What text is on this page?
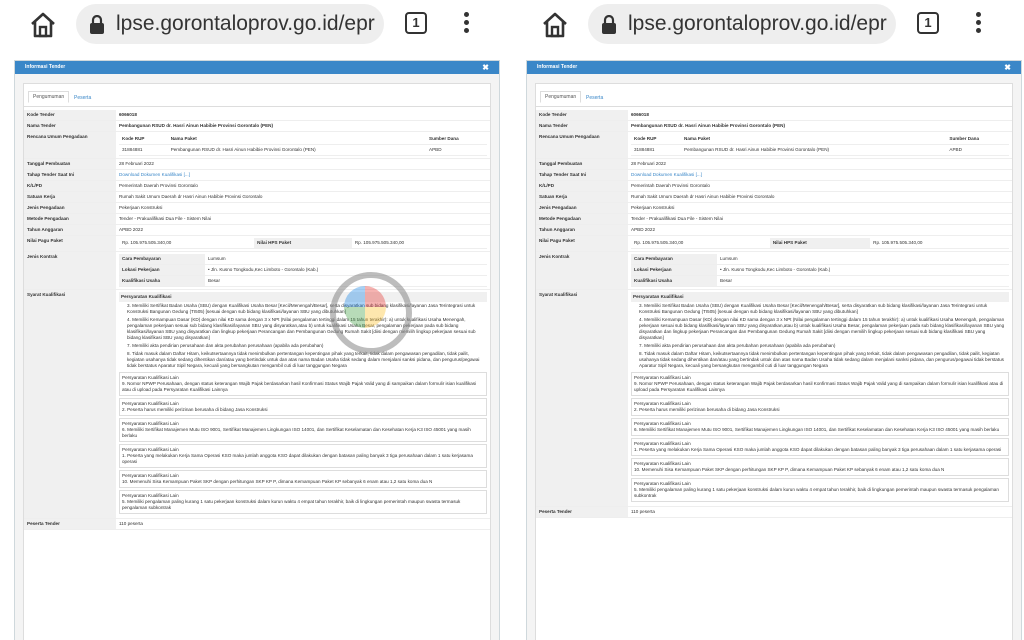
lpse.gorontaloprov.go.id/epr	1
Informasi Tender	✖
Pengumuman	Peserta
Kode Tender	6066018
Nama Tender	Pembangunan RSUD dr. Hasri Ainun Habibie Provinsi Gorontalo (PEN)
Rencana Umum Pengadaan		Kode RUP	Nama Paket	Sumber Dana
31884881	Pembangunan RSUD dr. Hasri Ainun Habibie Provinsi Gorontalo (PEN)	APBD

Tanggal Pembuatan	28 Februari 2022
Tahap Tender Saat Ini	Download Dokumen Kualifikasi [...]
K/L/PD	Pemerintah Daerah Provinsi Gorontalo
Satuan Kerja	Rumah Sakit Umum Daerah dr Hasri Ainun Habibie Provinsi Gorontalo
Jenis Pengadaan	Pekerjaan Konstruksi
Metode Pengadaan	Tender - Prakualifikasi Dua File - Sistem Nilai
Tahun Anggaran	APBD 2022
Nilai Pagu Paket		Rp. 105.975.505.340,00	Nilai HPS Paket	Rp. 105.975.505.340,00

Jenis Kontrak		Cara Pembayaran	Lumsum
Lokasi Pekerjaan	• Jln. Kusno Tongkodu,Kec Limboto - Gorontalo (Kab.)
Kualifikasi Usaha	Besar

Syarat Kualifikasi	Persyaratan Kualifikasi
3. Memiliki Sertifikat Badan Usaha (SBU) dengan Kualifikasi Usaha Besar [Kecil/Menengah/Besar], serta disyaratkan sub bidang klasifikasi/layanan Jasa Terintegrasi untuk Konstruksi Bangunan Gedung (TI505) [sesuai dengan sub bidang klasifikasi/layanan SBU yang dibutuhkan]
4. Memiliki Kemampuan Dasar (KD) dengan nilai KD sama dengan 3 x NPt (Nilai pengalaman tertinggi dalam 15 tahun terakhir): a) untuk kualifikasi Usaha Menengah, pengalaman pekerjaan sesuai sub bidang klasifikasi/layanan SBU yang disyaratkan,atau b) untuk kualifikasi Usaha Besar, pengalaman pekerjaan pada sub bidang klasifikasi/layanan SBU yang disyaratkan dan lingkup pekerjaan Perancangan dan Pembangunan Gedung Rumah Sakit [diisi dengan memilih lingkup pekerjaan sesuai sub bidang klasifikasi SBU yang disyaratkan]
7. Memiliki akta pendirian perusahaan dan akta perubahan perusahaan (apabila ada perubahan)
8. Tidak masuk dalam Daftar Hitam, keikutsertaannya tidak menimbulkan pertentangan kepentingan pihak yang terkait, tidak dalam pengawasan pengadilan, tidak pailit, kegiatan usahanya tidak sedang dihentikan dan/atau yang bertindak untuk dan atas nama Badan Usaha tidak sedang dalam menjalani sanksi pidana, dan pengurus/pegawai tidak berstatus Aparatur Sipil Negara, kecuali yang bersangkutan mengambil cuti di luar tanggungan Negara
Persyaratan Kualifikasi Lain
9. Nomor NPWP Perusahaan, dengan status keterangan Wajib Pajak berdasarkan hasil Konfirmasi Status Wajib Pajak Valid yang di sampaikan dalam formulir isian kualifikasi atau di upload pada Persyaratan Kualifikasi Lainnya
Persyaratan Kualifikasi Lain
2. Peserta harus memiliki perizinan berusaha di bidang Jasa Konstruksi
Persyaratan Kualifikasi Lain
6. Memiliki Sertifikat Manajemen Mutu ISO 9001, Sertifikat Manajemen Lingkungan ISO 14001, dan Sertifikat Keselamatan dan Kesehatan Kerja K3 ISO 45001 yang masih berlaku
Persyaratan Kualifikasi Lain
1. Peserta yang melakukan Kerja Sama Operasi KSO maka jumlah anggota KSO dapat dilakukan dengan batasan paling banyak 3 tiga perusahaan dalam 1 satu kerjasama operasi
Persyaratan Kualifikasi Lain
10. Memenuhi Sisa Kemampuan Paket SKP dengan perhitungan SKP KP P, dimana Kemampuan Paket KP sebanyak 6 enam atau 1,2 satu koma dua N
Persyaratan Kualifikasi Lain
5. Memiliki pengalaman paling kurang 1 satu pekerjaan konstruksi dalam kurun waktu 4 empat tahun terakhir, baik di lingkungan pemerintah maupun swasta termasuk pengalaman subkontrak

Peserta Tender	110 peserta
lpse.gorontaloprov.go.id/epr	1
Informasi Tender	✖
Pengumuman	Peserta
Kode Tender	6066018
Nama Tender	Pembangunan RSUD dr. Hasri Ainun Habibie Provinsi Gorontalo (PEN)
Rencana Umum Pengadaan		Kode RUP	Nama Paket	Sumber Dana
31884881	Pembangunan RSUD dr. Hasri Ainun Habibie Provinsi Gorontalo (PEN)	APBD

Tanggal Pembuatan	28 Februari 2022
Tahap Tender Saat Ini	Download Dokumen Kualifikasi [...]
K/L/PD	Pemerintah Daerah Provinsi Gorontalo
Satuan Kerja	Rumah Sakit Umum Daerah dr Hasri Ainun Habibie Provinsi Gorontalo
Jenis Pengadaan	Pekerjaan Konstruksi
Metode Pengadaan	Tender - Prakualifikasi Dua File - Sistem Nilai
Tahun Anggaran	APBD 2022
Nilai Pagu Paket		Rp. 105.975.505.340,00	Nilai HPS Paket	Rp. 105.975.505.340,00

Jenis Kontrak		Cara Pembayaran	Lumsum
Lokasi Pekerjaan	• Jln. Kusno Tongkodu,Kec Limboto - Gorontalo (Kab.)
Kualifikasi Usaha	Besar

Syarat Kualifikasi	Persyaratan Kualifikasi
3. Memiliki Sertifikat Badan Usaha (SBU) dengan Kualifikasi Usaha Besar [Kecil/Menengah/Besar], serta disyaratkan sub bidang klasifikasi/layanan Jasa Terintegrasi untuk Konstruksi Bangunan Gedung (TI505) [sesuai dengan sub bidang klasifikasi/layanan SBU yang dibutuhkan]
4. Memiliki Kemampuan Dasar (KD) dengan nilai KD sama dengan 3 x NPt (Nilai pengalaman tertinggi dalam 15 tahun terakhir): a) untuk kualifikasi Usaha Menengah, pengalaman pekerjaan sesuai sub bidang klasifikasi/layanan SBU yang disyaratkan,atau b) untuk kualifikasi Usaha Besar, pengalaman pekerjaan pada sub bidang klasifikasi/layanan SBU yang disyaratkan dan lingkup pekerjaan Perancangan dan Pembangunan Gedung Rumah Sakit [diisi dengan memilih lingkup pekerjaan sesuai sub bidang klasifikasi SBU yang disyaratkan]
7. Memiliki akta pendirian perusahaan dan akta perubahan perusahaan (apabila ada perubahan)
8. Tidak masuk dalam Daftar Hitam, keikutsertaannya tidak menimbulkan pertentangan kepentingan pihak yang terkait, tidak dalam pengawasan pengadilan, tidak pailit, kegiatan usahanya tidak sedang dihentikan dan/atau yang bertindak untuk dan atas nama Badan Usaha tidak sedang dalam menjalani sanksi pidana, dan pengurus/pegawai tidak berstatus Aparatur Sipil Negara, kecuali yang bersangkutan mengambil cuti di luar tanggungan Negara
Persyaratan Kualifikasi Lain
9. Nomor NPWP Perusahaan, dengan status keterangan Wajib Pajak berdasarkan hasil Konfirmasi Status Wajib Pajak Valid yang di sampaikan dalam formulir isian kualifikasi atau di upload pada Persyaratan Kualifikasi Lainnya
Persyaratan Kualifikasi Lain
2. Peserta harus memiliki perizinan berusaha di bidang Jasa Konstruksi
Persyaratan Kualifikasi Lain
6. Memiliki Sertifikat Manajemen Mutu ISO 9001, Sertifikat Manajemen Lingkungan ISO 14001, dan Sertifikat Keselamatan dan Kesehatan Kerja K3 ISO 45001 yang masih berlaku
Persyaratan Kualifikasi Lain
1. Peserta yang melakukan Kerja Sama Operasi KSO maka jumlah anggota KSO dapat dilakukan dengan batasan paling banyak 3 tiga perusahaan dalam 1 satu kerjasama operasi
Persyaratan Kualifikasi Lain
10. Memenuhi Sisa Kemampuan Paket SKP dengan perhitungan SKP KP P, dimana Kemampuan Paket KP sebanyak 6 enam atau 1,2 satu koma dua N
Persyaratan Kualifikasi Lain
5. Memiliki pengalaman paling kurang 1 satu pekerjaan konstruksi dalam kurun waktu 4 empat tahun terakhir, baik di lingkungan pemerintah maupun swasta termasuk pengalaman subkontrak

Peserta Tender	110 peserta
